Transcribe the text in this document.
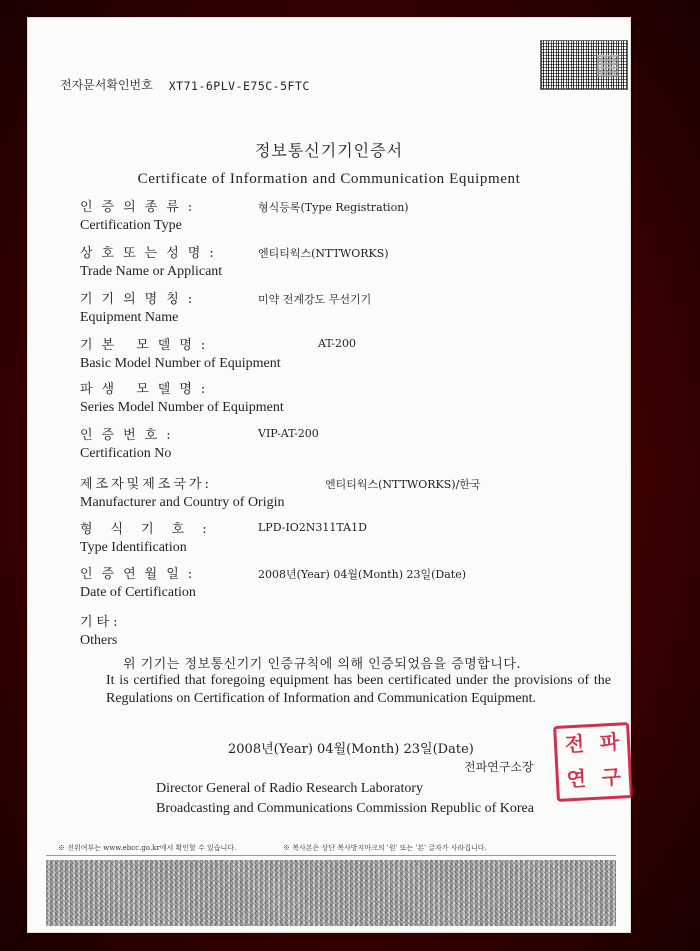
▦
전자문서확인번호 XT71-6PLV-E75C-5FTC
정보통신기기인증서
Certificate of Information and Communication Equipment
인증의종류:
Certification Type
형식등록(Type Registration)
상호또는성명:
Trade Name or Applicant
엔티티웍스(NTTWORKS)
기기의명칭:
Equipment Name
미약 전계강도 무선기기
기본 모델명:
Basic Model Number of Equipment
AT-200
파생 모델명:
Series Model Number of Equipment
인증번호:
Certification No
VIP-AT-200
제조자및제조국가:
Manufacturer and Country of Origin
엔티티웍스(NTTWORKS)/한국
형식기호:
Type Identification
LPD-IO2N311TA1D
인증연월일:
Date of Certification
2008년(Year) 04월(Month) 23일(Date)
기타:
Others
위 기기는 정보통신기기 인증규칙에 의해 인증되었음을 증명합니다.
It is certified that foregoing equipment has been certificated under the provisions of the Regulations on Certification of Information and Communication Equipment.
2008년(Year) 04월(Month) 23일(Date)
전파연구소장
Director General of Radio Research Laboratory
Broadcasting and Communications Commission Republic of Korea
전 파
연 구
※ 진위여부는 www.ebcc.go.kr에서 확인할 수 있습니다.	※ 복사본은 상단 복사방지마크의 '원' 또는 '본' 글자가 사라집니다.
